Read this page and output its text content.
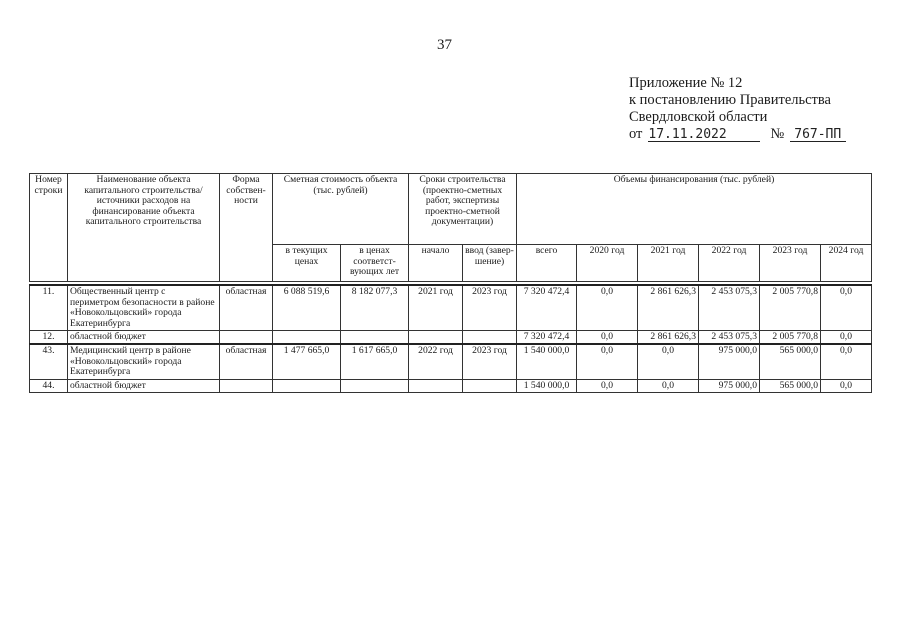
37
Приложение № 12
к постановлению Правительства
Свердловской области
от 17.11.2022	№ 767-ПП
Номер строки	Наименование объекта капитального строительства/ источники расходов на финансирование объекта капитального строительства	Форма собствен-ности	Сметная стоимость объекта (тыс. рублей)		Сроки строительства (проектно-сметных работ, экспертизы проектно-сметной документации)		Объемы финансирования (тыс. рублей)					
			в текущих ценах	в ценах соответст-вующих лет	начало	ввод (завер-шение)	всего	2020 год	2021 год	2022 год	2023 год	2024 год
11.	Общественный центр с периметром безопасности в районе «Новокольцовский» города Екатеринбурга	областная	6 088 519,6	8 182 077,3	2021 год	2023 год	7 320 472,4	0,0	2 861 626,3	2 453 075,3	2 005 770,8	0,0
12.	областной бюджет						7 320 472,4	0,0	2 861 626,3	2 453 075,3	2 005 770,8	0,0
43.	Медицинский центр в районе «Новокольцовский» города Екатеринбурга	областная	1 477 665,0	1 617 665,0	2022 год	2023 год	1 540 000,0	0,0	0,0	975 000,0	565 000,0	0,0
44.	областной бюджет						1 540 000,0	0,0	0,0	975 000,0	565 000,0	0,0
